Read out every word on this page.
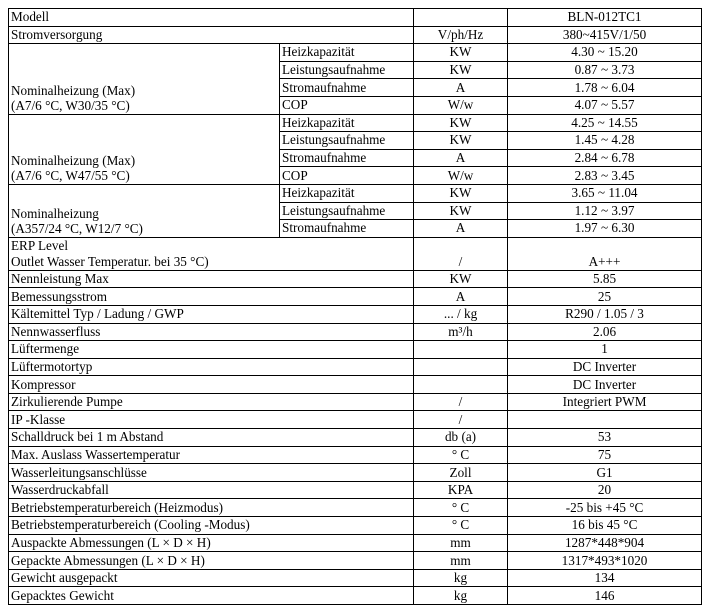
Modell			BLN-012TC1
Stromversorgung		V/ph/Hz	380~415V/1/50

Nominalheizung (Max)
(A7/6 °C, W30/35 °C)	Heizkapazität	KW	4.30 ~ 15.20
	Leistungsaufnahme	KW	0.87 ~ 3.73
	Stromaufnahme	A	1.78 ~ 6.04
	COP	W/w	4.07 ~ 5.57

Nominalheizung (Max)
(A7/6 °C, W47/55 °C)	Heizkapazität	KW	4.25 ~ 14.55
	Leistungsaufnahme	KW	1.45 ~ 4.28
	Stromaufnahme	A	2.84 ~ 6.78
	COP	W/w	2.83 ~ 3.45

Nominalheizung
(A357/24 °C, W12/7 °C)	Heizkapazität	KW	3.65 ~ 11.04
	Leistungsaufnahme	KW	1.12 ~ 3.97
	Stromaufnahme	A	1.97 ~ 6.30

ERP Level
Outlet Wasser Temperatur. bei 35 °C)		/	A+++
Nennleistung Max		KW	5.85
Bemessungsstrom		A	25
Kältemittel Typ / Ladung / GWP		... / kg	R290 / 1.05 / 3
Nennwasserfluss		m³/h	2.06
Lüftermenge			1
Lüftermotortyp			DC Inverter
Kompressor			DC Inverter
Zirkulierende Pumpe		/	Integriert PWM
IP -Klasse		/	
Schalldruck bei 1 m Abstand		db (a)	53
Max. Auslass Wassertemperatur		° C	75
Wasserleitungsanschlüsse		Zoll	G1
Wasserdruckabfall		KPA	20
Betriebstemperaturbereich (Heizmodus)		° C	-25 bis +45 °C
Betriebstemperaturbereich (Cooling -Modus)		° C	16 bis 45 °C
Auspackte Abmessungen (L × D × H)		mm	1287*448*904
Gepackte Abmessungen (L × D × H)		mm	1317*493*1020
Gewicht ausgepackt		kg	134
Gepacktes Gewicht		kg	146
